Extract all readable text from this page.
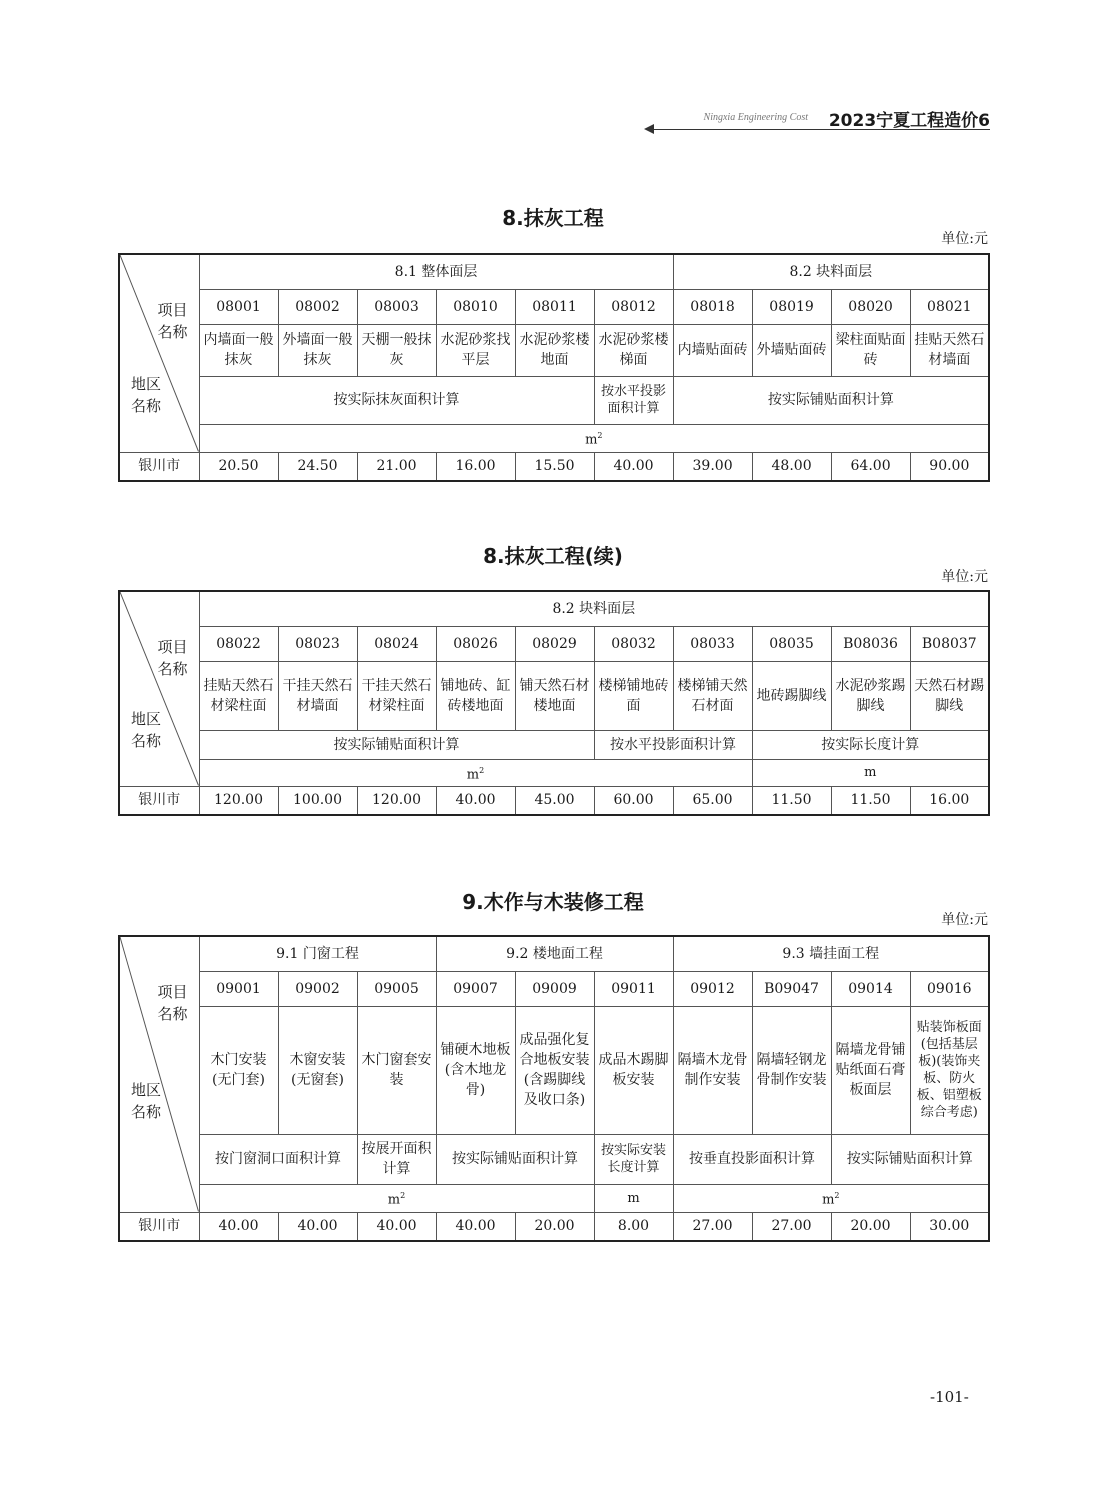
Ningxia Engineering Cost 2023宁夏工程造价6
8.抹灰工程
单位:元
项目
名称
地区
名称	8.1 整体面层						8.2 块料面层			
	08001	08002	08003	08010	08011	08012	08018	08019	08020	08021
	内墙面一般抹灰	外墙面一般抹灰	天棚一般抹灰	水泥砂浆找平层	水泥砂浆楼地面	水泥砂浆楼梯面	内墙贴面砖	外墙贴面砖	梁柱面贴面砖	挂贴天然石材墙面
	按实际抹灰面积计算					按水平投影面积计算	按实际铺贴面积计算			
	$m^2$
银川市	20.50	24.50	21.00	16.00	15.50	40.00	39.00	48.00	64.00	90.00
8.抹灰工程(续)
单位:元
项目
名称
地区
名称	8.2 块料面层									
	08022	08023	08024	08026	08029	08032	08033	08035	B08036	B08037
	挂贴天然石材梁柱面	干挂天然石材墙面	干挂天然石材梁柱面	铺地砖、缸砖楼地面	铺天然石材楼地面	楼梯铺地砖面	楼梯铺天然石材面	地砖踢脚线	水泥砂浆踢脚线	天然石材踢脚线
	按实际铺贴面积计算					按水平投影面积计算		按实际长度计算		
	$m^2$							m		
银川市	120.00	100.00	120.00	40.00	45.00	60.00	65.00	11.50	11.50	16.00
9.木作与木装修工程
单位:元
项目
名称
地区
名称	9.1 门窗工程			9.2 楼地面工程			9.3 墙挂面工程			
	09001	09002	09005	09007	09009	09011	09012	B09047	09014	09016
	木门安装(无门套)	木窗安装(无窗套)	木门窗套安装	铺硬木地板(含木地龙骨)	成品强化复合地板安装(含踢脚线及收口条)	成品木踢脚板安装	隔墙木龙骨制作安装	隔墙轻钢龙骨制作安装	隔墙龙骨铺贴纸面石膏板面层	贴装饰板面(包括基层板)(装饰夹板、防火板、铝塑板综合考虑)
	按门窗洞口面积计算		按展开面积计算	按实际铺贴面积计算		按实际安装长度计算	按垂直投影面积计算		按实际铺贴面积计算	
	$m^2$					m	$m^2$
银川市	40.00	40.00	40.00	40.00	20.00	8.00	27.00	27.00	20.00	30.00
-101-
